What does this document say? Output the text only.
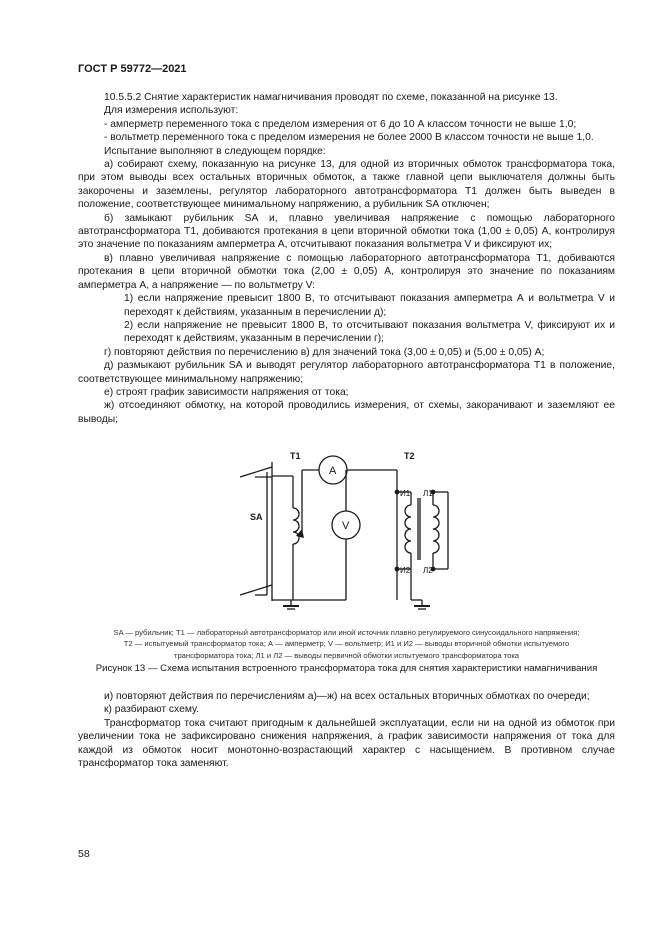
ГОСТ Р 59772—2021

10.5.5.2 Снятие характеристик намагничивания проводят по схеме, показанной на рисунке 13.

Для измерения используют:

- амперметр переменного тока с пределом измерения от 6 до 10 А классом точности не выше 1,0;

- вольтметр переменного тока с пределом измерения не более 2000 В классом точности не выше 1,0.

Испытание выполняют в следующем порядке:

а) собирают схему, показанную на рисунке 13, для одной из вторичных обмоток трансформатора тока, при этом выводы всех остальных вторичных обмоток, а также главной цепи выключателя должны быть закорочены и заземлены, регулятор лабораторного автотрансформатора Т1 должен быть выведен в положение, соответствующее минимальному напряжению, а рубильник SA отключен;

б) замыкают рубильник SA и, плавно увеличивая напряжение с помощью лабораторного автотрансформатора Т1, добиваются протекания в цепи вторичной обмотки тока (1,00 ± 0,05) А, контролируя это значение по показаниям амперметра А, отсчитывают показания вольтметра V и фиксируют их;

в) плавно увеличивая напряжение с помощью лабораторного автотрансформатора Т1, добиваются протекания в цепи вторичной обмотки тока (2,00 ± 0,05) А, контролируя это значение по показаниям амперметра А, а напряжение — по вольтметру V:

1) если напряжение превысит 1800 В, то отсчитывают показания амперметра А и вольтметра V и переходят к действиям, указанным в перечислении д);

2) если напряжение не превысит 1800 В, то отсчитывают показания вольтметра V, фиксируют их и переходят к действиям, указанным в перечислении г);

г) повторяют действия по перечислению в) для значений тока (3,00 ± 0,05) и (5,00 ± 0,05) А;

д) размыкают рубильник SA и выводят регулятор лабораторного автотрансформатора Т1 в положение, соответствующее минимальному напряжению;

е) строят график зависимости напряжения от тока;

ж) отсоединяют обмотку, на которой проводились измерения, от схемы, закорачивают и заземляют ее выводы;

SA
T1	T2
A
V
И1 Л1
И2 Л2
SA — рубильник; Т1 — лабораторный автотрансформатор или иной источник плавно регулируемого синусоидального напряжения;
Т2 — испытуемый трансформатор тока; А — амперметр; V — вольтметр; И1 и И2 — выводы вторичной обмотки испытуемого
трансформатора тока; Л1 и Л2 — выводы первичной обмотки испытуемого трансформатора тока
Рисунок 13 — Схема испытания встроенного трансформатора тока для снятия характеристики намагничивания

и) повторяют действия по перечислениям а)—ж) на всех остальных вторичных обмотках по очереди;

к) разбирают схему.

Трансформатор тока считают пригодным к дальнейшей эксплуатации, если ни на одной из обмоток при увеличении тока не зафиксировано снижения напряжения, а график зависимости напряжения от тока для каждой из обмоток носит монотонно-возрастающий характер с насыщением. В противном случае трансформатор тока заменяют.

58
